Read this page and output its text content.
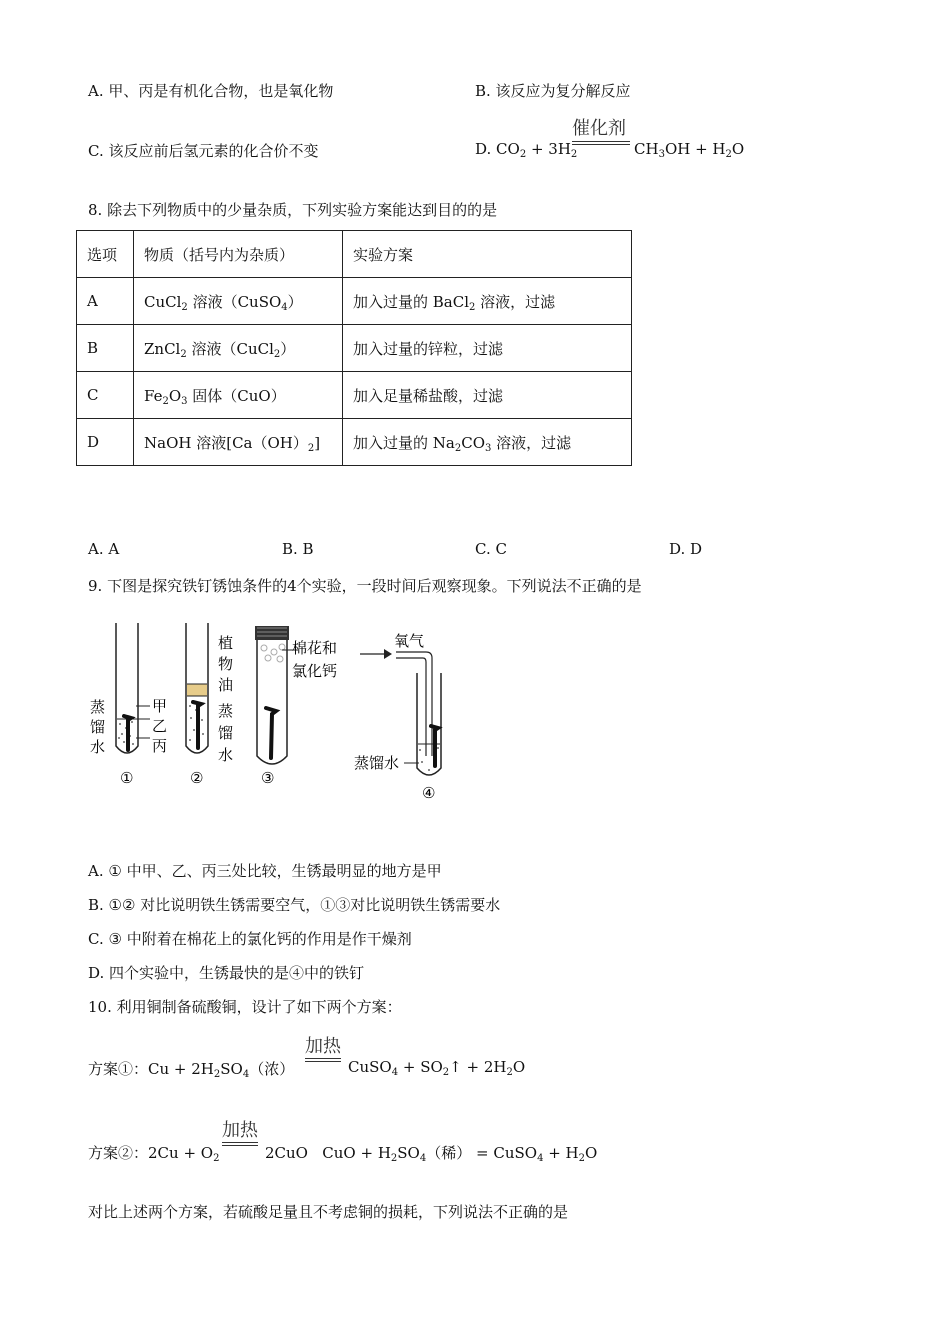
A. 甲、丙是有机化合物，也是氧化物	B. 该反应为复分解反应
C. 该反应前后氢元素的化合价不变	D. $CO_2 + 3H_2$
催化剂
$CH_3OH + H_2O$
8. 除去下列物质中的少量杂质，下列实验方案能达到目的的是
选项	物质（括号内为杂质）	实验方案
A	CuCl$_2$ 溶液（CuSO$_4$）	加入过量的 BaCl$_2$ 溶液，过滤
B	ZnCl$_2$ 溶液（CuCl$_2$）	加入过量的锌粒，过滤
C	$Fe_2O_3$ 固体（CuO）	加入足量稀盐酸，过滤
D	NaOH 溶液$[Ca(OH)_2]$	加入过量的 $Na_2CO_3$ 溶液，过滤
A. A	B. B	C. C	D. D
9. 下图是探究铁钉锈蚀条件的4个实验，一段时间后观察现象。下列说法不正确的是
甲
乙
丙
蒸
馏
水
①
植
物
油
蒸
馏
水
②
棉花和
氯化钙
③
氧气
蒸馏水
④
A. ① 中甲、乙、丙三处比较，生锈最明显的地方是甲
B. ①② 对比说明铁生锈需要空气，①③对比说明铁生锈需要水
C. ③ 中附着在棉花上的氯化钙的作用是作干燥剂
D. 四个实验中，生锈最快的是④中的铁钉
10. 利用铜制备硫酸铜，设计了如下两个方案：
方案①：$Cu + 2H_2SO_4$（浓）
加热
CuSO$_4$ + $SO_2↑ + 2H_2O$
方案②：$2Cu + O_2$
加热
2CuO   CuO + $H_2SO_4$（稀） = CuSO$_4$ + $H_2O$
对比上述两个方案，若硫酸足量且不考虑铜的损耗，下列说法不正确的是
